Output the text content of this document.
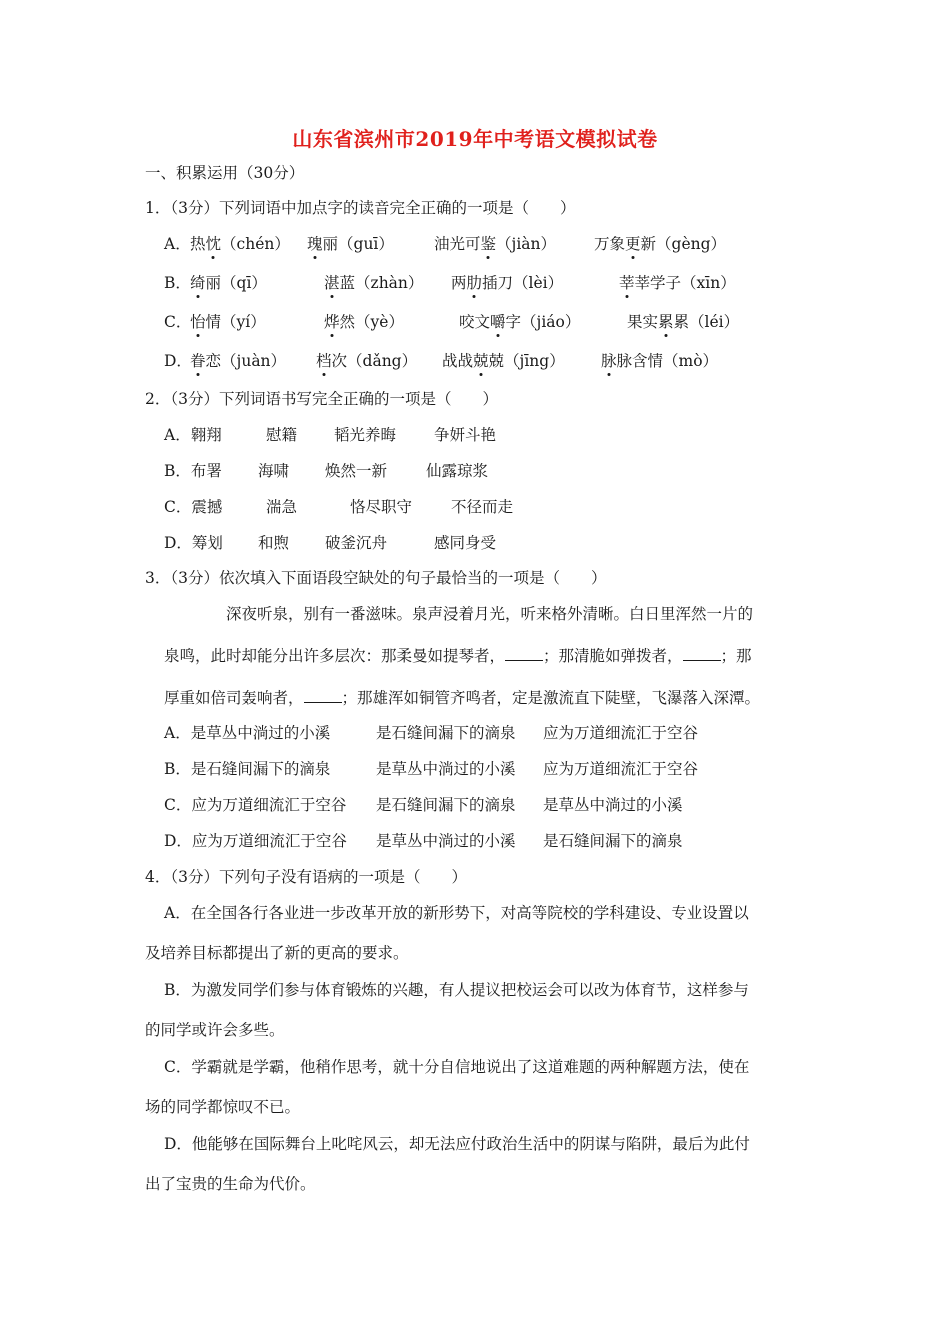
山东省滨州市2019年中考语文模拟试卷
一、积累运用（30分）
1．（3分）下列词语中加点字的读音完全正确的一项是（　　）
A． 热忱（chén） 瑰丽（guī）	油光可鉴（jiàn） 万象更新（gèng）
B． 绮丽（qī）	湛蓝（zhàn） 两肋插刀（lèi）	莘莘学子（xīn）
C．
怡情（yí）	烨然（yè）	咬文嚼字（jiáo）	果实累累（léi）
D．
眷恋（juàn） 档次（dǎng） 战战兢兢（jīng） 脉脉含情（mò）
2．（3分）下列词语书写完全正确的一项是（　　）
A．翱翔	慰籍 韬光养晦 争妍斗艳
B．布署 海啸 焕然一新	仙露琼浆
C．震撼	湍急	恪尽职守	不径而走
D．筹划 和煦 破釜沉舟	感同身受
3．（3分）依次填入下面语段空缺处的句子最恰当的一项是（　　）
深夜听泉，别有一番滋味。泉声浸着月光，听来格外清晰。白日里浑然一片的
泉鸣，此时却能分出许多层次：那柔曼如提琴者， ；那清脆如弹拨者， ；那
厚重如倍司轰响者， ；那雄浑如铜管齐鸣者，定是激流直下陡壁，飞瀑落入深潭。
A．是草丛中淌过的小溪	是石缝间漏下的滴泉 应为万道细流汇于空谷
B．是石缝间漏下的滴泉	是草丛中淌过的小溪 应为万道细流汇于空谷
C．应为万道细流汇于空谷 是石缝间漏下的滴泉 是草丛中淌过的小溪
D．应为万道细流汇于空谷 是草丛中淌过的小溪 是石缝间漏下的滴泉
4．（3分）下列句子没有语病的一项是（　　）
A．在全国各行各业进一步改革开放的新形势下，对高等院校的学科建设、专业设置以
及培养目标都提出了新的更高的要求。
B．为激发同学们参与体育锻炼的兴趣，有人提议把校运会可以改为体育节，这样参与
的同学或许会多些。
C．学霸就是学霸，他稍作思考，就十分自信地说出了这道难题的两种解题方法，使在
场的同学都惊叹不已。
D．他能够在国际舞台上叱咤风云，却无法应付政治生活中的阴谋与陷阱，最后为此付
出了宝贵的生命为代价。
